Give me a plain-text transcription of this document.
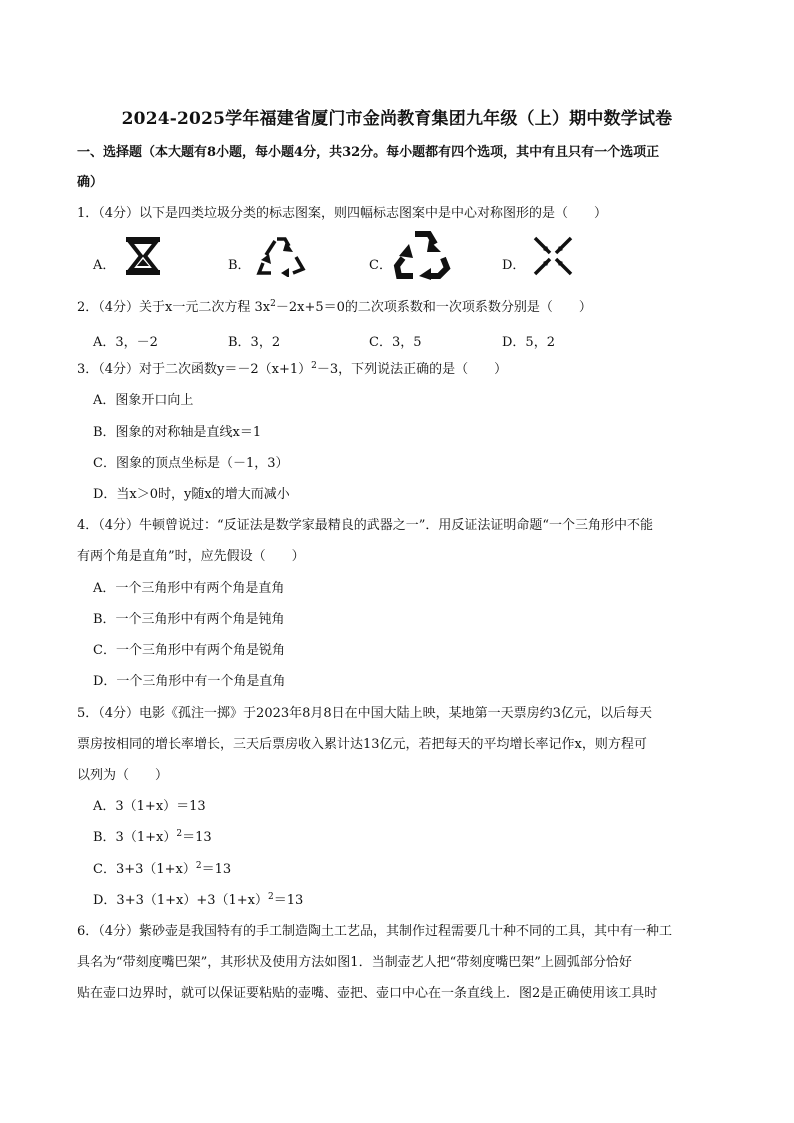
2024-2025学年福建省厦门市金尚教育集团九年级（上）期中数学试卷
一、选择题（本大题有8小题，每小题4分，共32分。每小题都有四个选项，其中有且只有一个选项正
确）
1．（4分）以下是四类垃圾分类的标志图案，则四幅标志图案中是中心对称图形的是（　　）
A．	B．	C．	D．
2．（4分）关于x一元二次方程 $3x^2-2x+5=0$的二次项系数和一次项系数分别是（　　）
A．3，－2	B．3，2	C．3，5	D．5，2
3．（4分）对于二次函数$y=-2(x+1)^2-3$，下列说法正确的是（　　）
A．图象开口向上
B．图象的对称轴是直线x＝1
C．图象的顶点坐标是（－1，3）
D．当x＞0时，y随x的增大而减小
4．（4分）牛顿曾说过：“反证法是数学家最精良的武器之一”．用反证法证明命题“一个三角形中不能
有两个角是直角”时，应先假设（　　）
A．一个三角形中有两个角是直角
B．一个三角形中有两个角是钝角
C．一个三角形中有两个角是锐角
D．一个三角形中有一个角是直角
5．（4分）电影《孤注一掷》于2023年8月8日在中国大陆上映，某地第一天票房约3亿元，以后每天
票房按相同的增长率增长，三天后票房收入累计达13亿元，若把每天的平均增长率记作x，则方程可
以列为（　　）
A．3（1+x）＝13
B．$3(1+x)^2=13$
C．$3+3(1+x)^2=13$
D．$3+3(1+x)+3(1+x)^2=13$
6．（4分）紫砂壶是我国特有的手工制造陶土工艺品，其制作过程需要几十种不同的工具，其中有一种工
具名为“带刻度嘴巴架”，其形状及使用方法如图1．当制壶艺人把“带刻度嘴巴架”上圆弧部分恰好
贴在壶口边界时，就可以保证要粘贴的壶嘴、壶把、壶口中心在一条直线上．图2是正确使用该工具时
